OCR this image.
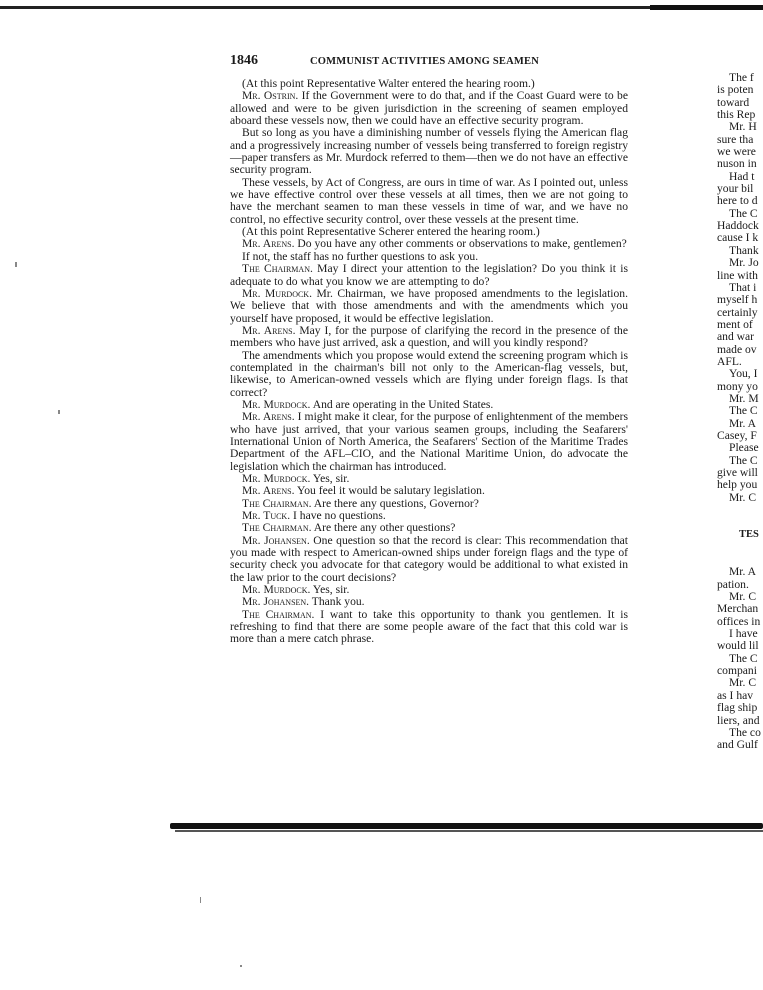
1846	COMMUNIST ACTIVITIES AMONG SEAMEN

(At this point Representative Walter entered the hearing room.)

Mr. Ostrin. If the Government were to do that, and if the Coast Guard were to be allowed and were to be given jurisdiction in the screening of seamen employed aboard these vessels now, then we could have an effective security program.

But so long as you have a diminishing number of vessels flying the American flag and a progressively increasing number of vessels being transferred to foreign registry—paper transfers as Mr. Murdock referred to them—then we do not have an effective security program.

These vessels, by Act of Congress, are ours in time of war. As I pointed out, unless we have effective control over these vessels at all times, then we are not going to have the merchant seamen to man these vessels in time of war, and we have no control, no effective security control, over these vessels at the present time.

(At this point Representative Scherer entered the hearing room.)

Mr. Arens. Do you have any other comments or observations to make, gentlemen?

If not, the staff has no further questions to ask you.

The Chairman. May I direct your attention to the legislation? Do you think it is adequate to do what you know we are attempting to do?

Mr. Murdock. Mr. Chairman, we have proposed amendments to the legislation. We believe that with those amendments and with the amendments which you yourself have proposed, it would be effective legislation.

Mr. Arens. May I, for the purpose of clarifying the record in the presence of the members who have just arrived, ask a question, and will you kindly respond?

The amendments which you propose would extend the screening program which is contemplated in the chairman's bill not only to the American-flag vessels, but, likewise, to American-owned vessels which are flying under foreign flags. Is that correct?

Mr. Murdock. And are operating in the United States.

Mr. Arens. I might make it clear, for the purpose of enlightenment of the members who have just arrived, that your various seamen groups, including the Seafarers' International Union of North America, the Seafarers' Section of the Maritime Trades Department of the AFL–CIO, and the National Maritime Union, do advocate the legislation which the chairman has introduced.

Mr. Murdock. Yes, sir.

Mr. Arens. You feel it would be salutary legislation.

The Chairman. Are there any questions, Governor?

Mr. Tuck. I have no questions.

The Chairman. Are there any other questions?

Mr. Johansen. One question so that the record is clear: This recommendation that you made with respect to American-owned ships under foreign flags and the type of security check you advocate for that category would be additional to what existed in the law prior to the court decisions?

Mr. Murdock. Yes, sir.

Mr. Johansen. Thank you.

The Chairman. I want to take this opportunity to thank you gentlemen. It is refreshing to find that there are some people aware of the fact that this cold war is more than a mere catch phrase.

The f
is poten
toward
this Rep
Mr. H
sure tha
we were
nuson in
Had t
your bil
here to d
The C
Haddock
cause I k
Thank
Mr. Jo
line with
That i
myself h
certainly
ment of
and war
made ov
AFL.
You, I
mony yo
Mr. M
The C
Mr. A
Casey, F
Please
The C
give will
help you
Mr. C
TES
Mr. A
pation.
Mr. C
Merchan
offices in
I have
would lil
The C
compani
Mr. C
as I hav
flag ship
liers, and
The co
and Gulf
